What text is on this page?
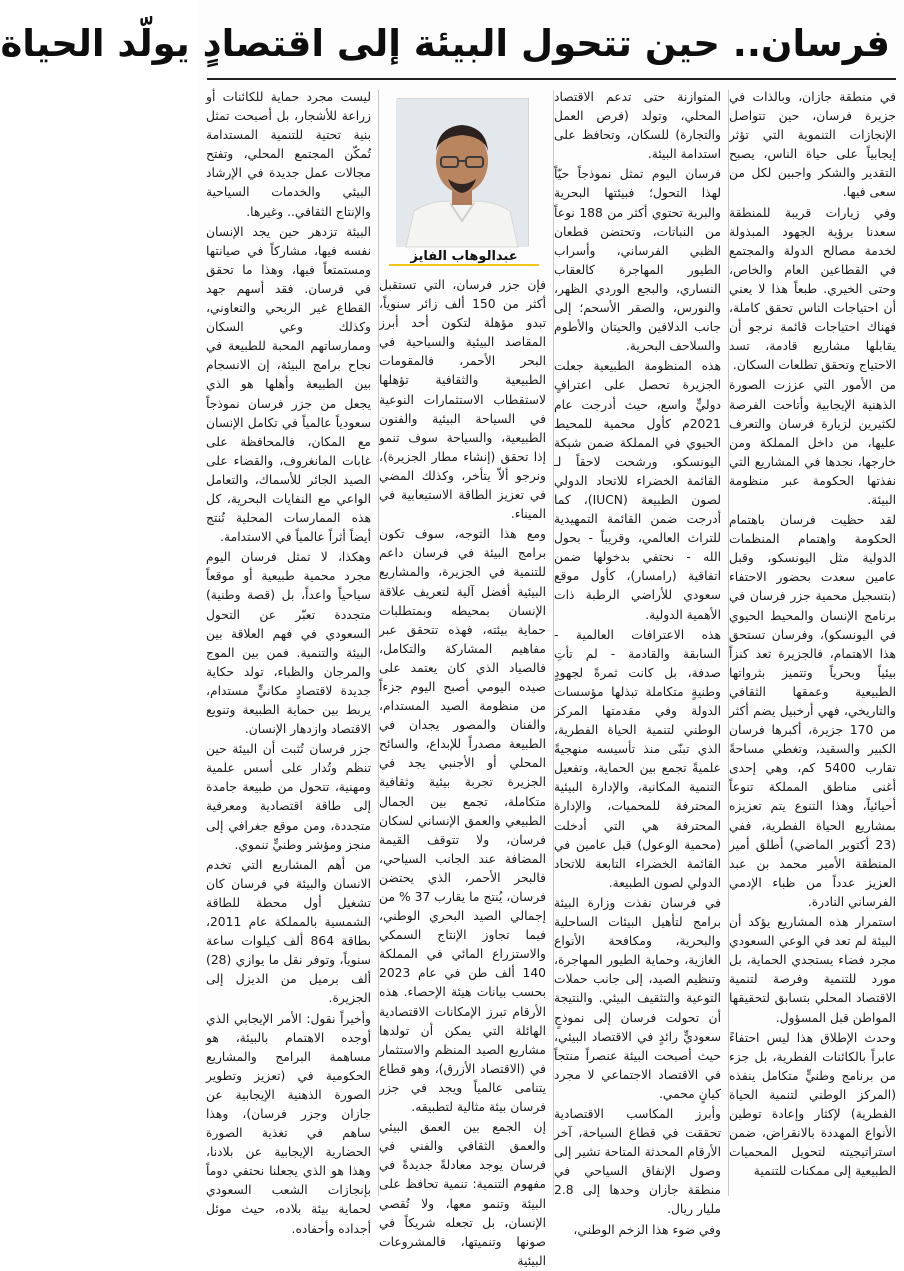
فرسان.. حين تتحول البيئة إلى اقتصادٍ يولّد الحياة

في منطقة جازان، وبالذات في جزيرة فرسان، حين تتواصل الإنجازات التنموية التي تؤثر إيجابياً على حياة الناس، يصبح التقدير والشكر واجبين لكل من سعى فيها.

وفي زيارات قريبة للمنطقة سعدنا برؤية الجهود المبذولة لخدمة مصالح الدولة والمجتمع في القطاعين العام والخاص، وحتى الخيري. طبعاً هذا لا يعني أن احتياجات الناس تحقق كاملة، فهناك احتياجات قائمة نرجو أن يقابلها مشاريع قادمة، تسد الاحتياج وتحقق تطلعات السكان.

من الأمور التي عززت الصورة الذهنية الإيجابية وأتاحت الفرصة لكثيرين لزيارة فرسان والتعرف عليها، من داخل المملكة ومن خارجها، نجدها في المشاريع التي نفذتها الحكومة عبر منظومة البيئة.

لقد حظيت فرسان باهتمام الحكومة واهتمام المنظمات الدولية مثل اليونسكو، وقبل عامين سعدت بحضور الاحتفاء (بتسجيل محمية جزر فرسان في برنامج الإنسان والمحيط الحيوي في اليونسكو)، وفرسان تستحق هذا الاهتمام، فالجزيرة تعد كنزاً بيئياً وبحرياً وتتميز بثرواتها الطبيعية وعمقها الثقافي والتاريخي، فهي أرخبيل يضم أكثر من 170 جزيرة، أكبرها فرسان الكبير والسقيد، وتغطي مساحةً تقارب 5400 كم، وهي إحدى أغنى مناطق المملكة تنوعاً أحيائياً، وهذا التنوع يتم تعزيزه بمشاريع الحياة الفطرية، ففي (23 أكتوبر الماضي) أطلق أمير المنطقة الأمير محمد بن عبد العزيز عدداً من ظباء الإدمي الفرساني النادرة.

استمرار هذه المشاريع يؤكد أن البيئة لم تعد في الوعي السعودي مجرد فضاء يستجدي الحماية، بل مورد للتنمية وفرصة لتنمية الاقتصاد المحلي بتسابق لتحقيقها المواطن قبل المسؤول.

وحدث الإطلاق هذا ليس احتفاءً عابراً بالكائنات الفطرية، بل جزء من برنامج وطنيٍّ متكامل ينفذه (المركز الوطني لتنمية الحياة الفطرية) لإكثار وإعادة توطين الأنواع المهددة بالانقراض، ضمن استراتيجيته لتحويل المحميات الطبيعية إلى ممكنات للتنمية

المتوازنة حتى تدعم الاقتصاد المحلي، وتولد (فرص العمل والتجارة) للسكان، وتحافظ على استدامة البيئة.

فرسان اليوم تمثل نموذجاً حيّاً لهذا التحول؛ فبيئتها البحرية والبرية تحتوي أكثر من 188 نوعاً من النباتات، وتحتضن قطعان الظبي الفرساني، وأسراب الطيور المهاجرة كالعقاب النساري، والبجع الوردي الظهر، والنورس، والصقر الأسحم؛ إلى جانب الدلافين والحيتان والأطوم والسلاحف البحرية.

هذه المنظومة الطبيعية جعلت الجزيرة تحصل على اعترافٍ دوليٍّ واسع، حيث أدرجت عام 2021م كأول محمية للمحيط الحيوي في المملكة ضمن شبكة اليونسكو، ورشحت لاحقاً لـ القائمة الخضراء للاتحاد الدولي لصون الطبيعة (IUCN)، كما أدرجت ضمن القائمة التمهيدية للتراث العالمي، وقريباً - بحول الله - نحتفي بدخولها ضمن اتفاقية (رامسار)، كأول موقع سعودي للأراضي الرطبة ذات الأهمية الدولية.

هذه الاعترافات العالمية - السابقة والقادمة - لم تأتِ صدفة، بل كانت ثمرةً لجهودٍ وطنيةٍ متكاملة تبذلها مؤسسات الدولة وفي مقدمتها المركز الوطني لتنمية الحياة الفطرية، الذي تبنّى منذ تأسيسه منهجيةً علميةً تجمع بين الحماية، وتفعيل التنمية المكانية، والإدارة البيئية المحترفة للمحميات، والإدارة المحترفة هي التي أدخلت (محمية الوعول) قبل عامين في القائمة الخضراء التابعة للاتحاد الدولي لصون الطبيعة.

في فرسان نفذت وزارة البيئة برامج لتأهيل البيئات الساحلية والبحرية، ومكافحة الأنواع الغازية، وحماية الطيور المهاجرة، وتنظيم الصيد، إلى جانب حملات التوعية والتثقيف البيئي. والنتيجة أن تحولت فرسان إلى نموذجٍ سعوديٍّ رائدٍ في الاقتصاد البيئي، حيث أصبحت البيئة عنصراً منتجاً في الاقتصاد الاجتماعي لا مجرد كيانٍ محمي.

وأبرز المكاسب الاقتصادية تحققت في قطاع السياحة، آخر الأرقام المحدثة المتاحة تشير إلى وصول الإنفاق السياحي في منطقة جازان وحدها إلى 2.8 مليار ريال.

وفي ضوء هذا الزخم الوطني،

عبدالوهاب الفايز

فإن جزر فرسان، التي تستقبل أكثر من 150 ألف زائر سنوياً، تبدو مؤهلة لتكون أحد أبرز المقاصد البيئية والسياحية في البحر الأحمر، فالمقومات الطبيعية والثقافية تؤهلها لاستقطاب الاستثمارات النوعية في السياحة البيئية والفنون الطبيعية، والسياحة سوف تنمو إذا تحقق (إنشاء مطار الجزيرة)، ونرجو ألاّ يتأخر، وكذلك المضي في تعزيز الطاقة الاستيعابية في الميناء.

ومع هذا التوجه، سوف تكون برامج البيئة في فرسان داعم للتنمية في الجزيرة، والمشاريع البيئية أفضل آلية لتعريف علاقة الإنسان بمحيطه وبمتطلبات حماية بيئته، فهذه تتحقق عبر مفاهيم المشاركة والتكامل، فالصياد الذي كان يعتمد على صيده اليومي أصبح اليوم جزءاً من منظومة الصيد المستدام، والفنان والمصور يجدان في الطبيعة مصدراً للإبداع، والسائح المحلي أو الأجنبي يجد في الجزيرة تجربة بيئية وثقافية متكاملة، تجمع بين الجمال الطبيعي والعمق الإنساني لسكان فرسان، ولا تتوقف القيمة المضافة عند الجانب السياحي، فالبحر الأحمر، الذي يحتضن فرسان، يُنتج ما يقارب 37 % من إجمالي الصيد البحري الوطني، فيما تجاوز الإنتاج السمكي والاستزراع المائي في المملكة 140 ألف طن في عام 2023 بحسب بيانات هيئة الإحصاء. هذه الأرقام تبرز الإمكانات الاقتصادية الهائلة التي يمكن أن تولدها مشاريع الصيد المنظم والاستثمار في (الاقتصاد الأزرق)، وهو قطاع يتنامى عالمياً ويجد في جزر فرسان بيئة مثالية لتطبيقه.

إن الجمع بين العمق البيئي والعمق الثقافي والفني في فرسان يوجد معادلةً جديدةً في مفهوم التنمية: تنمية تحافظ على البيئة وتنمو معها، ولا تُقصي الإنسان، بل تجعله شريكاً في صونها وتنميتها، فالمشروعات البيئية

ليست مجرد حماية للكائنات أو زراعة للأشجار، بل أصبحت تمثل بنية تحتية للتنمية المستدامة تُمكّن المجتمع المحلي، وتفتح مجالات عمل جديدة في الإرشاد البيئي والخدمات السياحية والإنتاج الثقافي.. وغيرها.

البيئة تزدهر حين يجد الإنسان نفسه فيها، مشاركاً في صيانتها ومستمتعاً فيها، وهذا ما تحقق في فرسان. فقد أسهم جهد القطاع غير الربحي والتعاوني، وكذلك وعي السكان وممارساتهم المحبة للطبيعة في نجاح برامج البيئة، إن الانسجام بين الطبيعة وأهلها هو الذي يجعل من جزر فرسان نموذجاً سعودياً عالمياً في تكامل الإنسان مع المكان، فالمحافظة على غابات المانغروف، والقضاء على الصيد الجائر للأسماك، والتعامل الواعي مع النفايات البحرية، كل هذه الممارسات المحلية تُنتج أيضاً أثراً عالمياً في الاستدامة.

وهكذا، لا تمثل فرسان اليوم مجرد محمية طبيعية أو موقعاً سياحياً واعداً، بل (قصة وطنية) متجددة تعبّر عن التحول السعودي في فهم العلاقة بين البيئة والتنمية. فمن بين الموج والمرجان والظباء، تولد حكاية جديدة لاقتصادٍ مكانيٍّ مستدام، يربط بين حماية الطبيعة وتنويع الاقتصاد وازدهار الإنسان.

جزر فرسان تُثبت أن البيئة حين تنظم وتُدار على أسس علمية ومهنية، تتحول من طبيعة جامدة إلى طاقة اقتصادية ومعرفية متجددة، ومن موقع جغرافي إلى منجز ومؤشر وطنيٍّ تنموي.

من أهم المشاريع التي تخدم الانسان والبيئة في فرسان كان تشغيل أول محطة للطاقة الشمسية بالمملكة عام 2011، بطاقة 864 ألف كيلوات ساعة سنوياً، وتوفر نقل ما يوازي (28) ألف برميل من الديزل إلى الجزيرة.

وأخيراً نقول: الأمر الإيجابي الذي أوجده الاهتمام بالبيئة، هو مساهمة البرامج والمشاريع الحكومية في (تعزيز وتطوير الصورة الذهنية الإيجابية عن جازان وجزر فرسان)، وهذا ساهم في تغذية الصورة الحضارية الإيجابية عن بلادنا، وهذا هو الذي يجعلنا نحتفي دوماً بإنجازات الشعب السعودي لحماية بيئة بلاده، حيث موئل أجداده وأحفاده.
